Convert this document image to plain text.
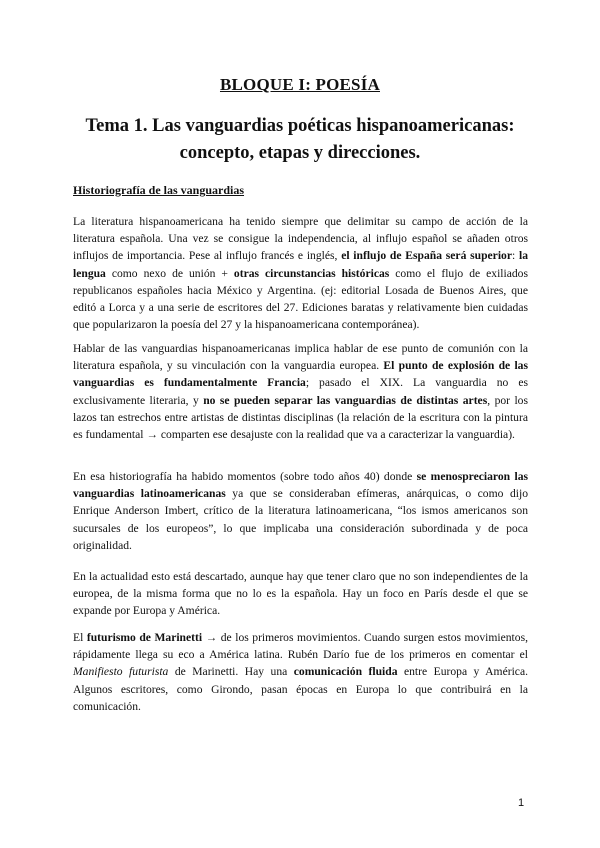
BLOQUE I: POESÍA
Tema 1. Las vanguardias poéticas hispanoamericanas:
concepto, etapas y direcciones.
Historiografía de las vanguardias

La literatura hispanoamericana ha tenido siempre que delimitar su campo de acción de la literatura española. Una vez se consigue la independencia, al influjo español se añaden otros influjos de importancia. Pese al influjo francés e inglés, el influjo de España será superior: la lengua como nexo de unión + otras circunstancias históricas como el flujo de exiliados republicanos españoles hacia México y Argentina. (ej: editorial Losada de Buenos Aires, que editó a Lorca y a una serie de escritores del 27. Ediciones baratas y relativamente bien cuidadas que popularizaron la poesía del 27 y la hispanoamericana contemporánea).

Hablar de las vanguardias hispanoamericanas implica hablar de ese punto de comunión con la literatura española, y su vinculación con la vanguardia europea. El punto de explosión de las vanguardias es fundamentalmente Francia; pasado el XIX. La vanguardia no es exclusivamente literaria, y no se pueden separar las vanguardias de distintas artes, por los lazos tan estrechos entre artistas de distintas disciplinas (la relación de la escritura con la pintura es fundamental → comparten ese desajuste con la realidad que va a caracterizar la vanguardia).

En esa historiografía ha habido momentos (sobre todo años 40) donde se menospreciaron las vanguardias latinoamericanas ya que se consideraban efímeras, anárquicas, o como dijo Enrique Anderson Imbert, crítico de la literatura latinoamericana, “los ismos americanos son sucursales de los europeos”, lo que implicaba una consideración subordinada y de poca originalidad.

En la actualidad esto está descartado, aunque hay que tener claro que no son independientes de la europea, de la misma forma que no lo es la española. Hay un foco en París desde el que se expande por Europa y América.

El futurismo de Marinetti → de los primeros movimientos. Cuando surgen estos movimientos, rápidamente llega su eco a América latina. Rubén Darío fue de los primeros en comentar el Manifiesto futurista de Marinetti. Hay una comunicación fluida entre Europa y América. Algunos escritores, como Girondo, pasan épocas en Europa lo que contribuirá en la comunicación.

1
